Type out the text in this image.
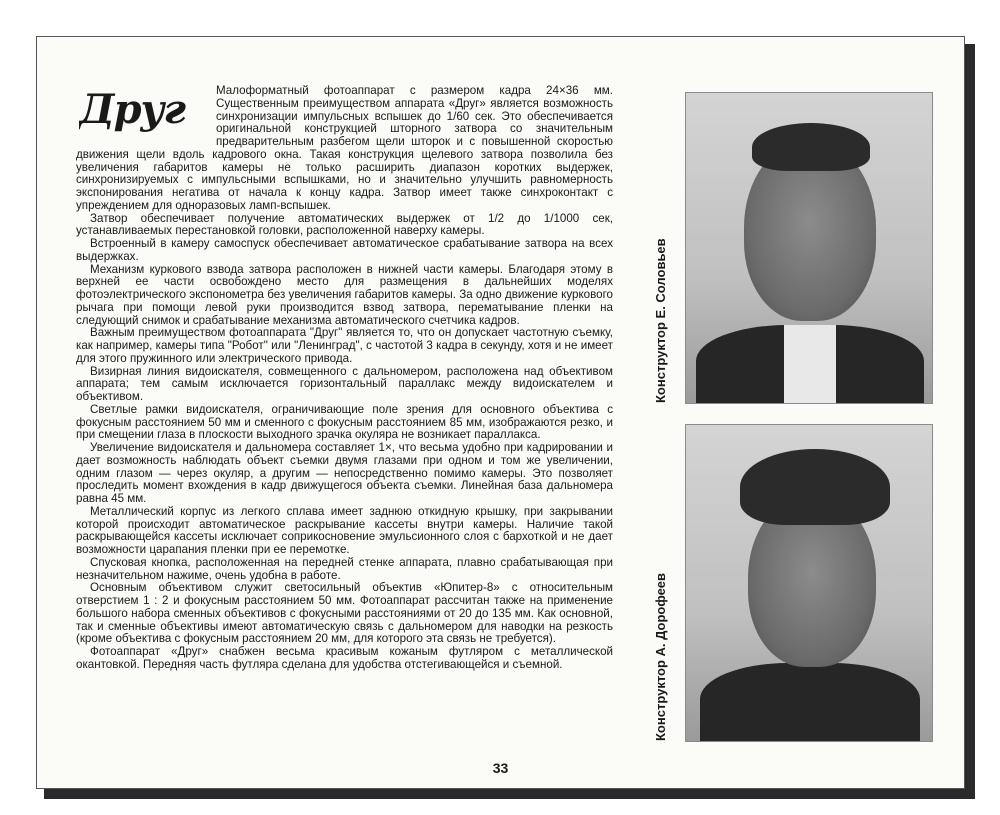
Друг	Малоформатный фотоаппарат с размером кадра 24×36 мм. Существенным преимуществом аппарата «Друг» является возможность синхронизации импульсных вспышек до 1/60 сек. Это обеспечивается оригинальной конструкцией шторного затвора со значительным предварительным разбегом щели шторок и с повышенной скоростью движения щели вдоль кадрового окна. Такая конструкция щелевого затвора позволила без увеличения габаритов камеры не только расширить диапазон коротких выдержек, синхронизируемых с импульсными вспышками, но и значительно улучшить равномерность экспонирования негатива от начала к концу кадра. Затвор имеет также синхроконтакт с упреждением для одноразовых ламп-вспышек.

Затвор обеспечивает получение автоматических выдержек от 1/2 до 1/1000 сек, устанавливаемых перестановкой головки, расположенной наверху камеры.

Встроенный в камеру самоспуск обеспечивает автоматическое срабатывание затвора на всех выдержках.

Механизм куркового взвода затвора расположен в нижней части камеры. Благодаря этому в верхней ее части освобождено место для размещения в дальнейших моделях фотоэлектрического экспонометра без увеличения габаритов камеры. За одно движение куркового рычага при помощи левой руки производится взвод затвора, перематывание пленки на следующий снимок и срабатывание механизма автоматического счетчика кадров.

Важным преимуществом фотоаппарата "Друг" является то, что он допускает частотную съемку, как например, камеры типа "Робот" или "Ленинград", с частотой 3 кадра в секунду, хотя и не имеет для этого пружинного или электрического привода.

Визирная линия видоискателя, совмещенного с дальномером, расположена над объективом аппарата; тем самым исключается горизонтальный параллакс между видоискателем и объективом.

Светлые рамки видоискателя, ограничивающие поле зрения для основного объектива с фокусным расстоянием 50 мм и сменного с фокусным расстоянием 85 мм, изображаются резко, и при смещении глаза в плоскости выходного зрачка окуляра не возникает параллакса.

Увеличение видоискателя и дальномера составляет 1×, что весьма удобно при кадрировании и дает возможность наблюдать объект съемки двумя глазами при одном и том же увеличении, одним глазом — через окуляр, а другим — непосредственно помимо камеры. Это позволяет проследить момент вхождения в кадр движущегося объекта съемки. Линейная база дальномера равна 45 мм.

Металлический корпус из легкого сплава имеет заднюю откидную крышку, при закрывании которой происходит автоматическое раскрывание кассеты внутри камеры. Наличие такой раскрывающейся кассеты исключает соприкосновение эмульсионного слоя с бархоткой и не дает возможности царапания пленки при ее перемотке.

Спусковая кнопка, расположенная на передней стенке аппарата, плавно срабатывающая при незначительном нажиме, очень удобна в работе.

Основным объективом служит светосильный объектив «Юпитер-8» с относительным отверстием 1 : 2 и фокусным расстоянием 50 мм. Фотоаппарат рассчитан также на применение большого набора сменных объективов с фокусными расстояниями от 20 до 135 мм. Как основной, так и сменные объективы имеют автоматическую связь с дальномером для наводки на резкость (кроме объектива с фокусным расстоянием 20 мм, для которого эта связь не требуется).

Фотоаппарат «Друг» снабжен весьма красивым кожаным футляром с металлической окантовкой. Передняя часть футляра сделана для удобства отстегивающейся и съемной.

Конструктор Е. Соловьев
Конструктор А. Дорофеев
33
